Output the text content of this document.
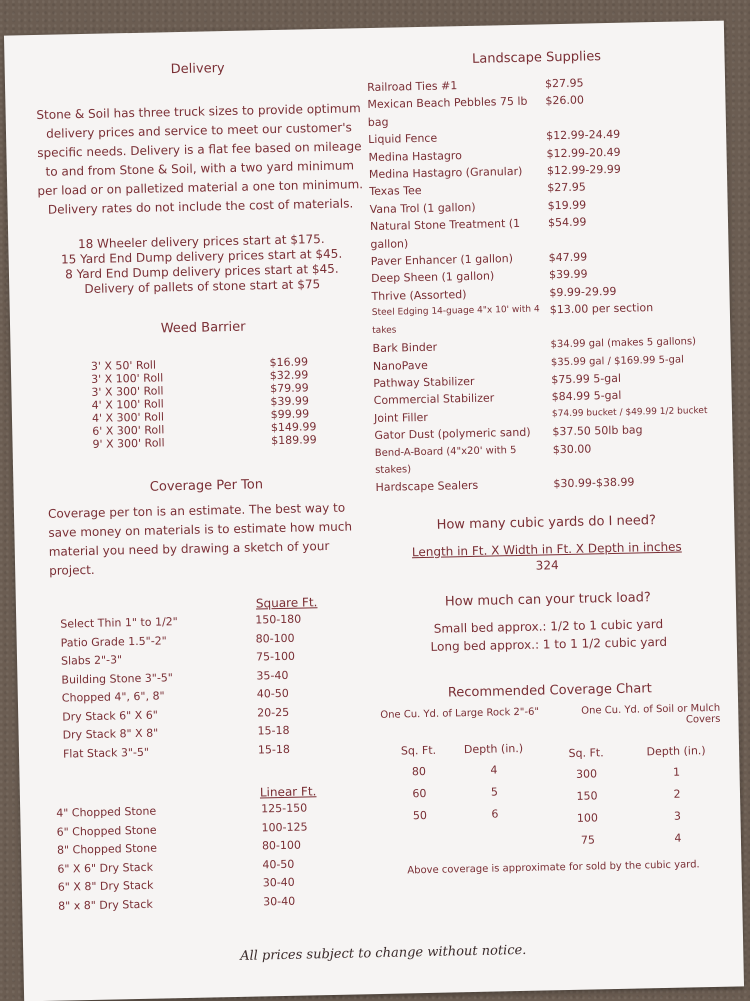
Delivery

Stone & Soil has three truck sizes to provide optimum delivery prices and service to meet our customer's specific needs. Delivery is a flat fee based on mileage to and from Stone & Soil, with a two yard minimum per load or on palletized material a one ton minimum. Delivery rates do not include the cost of materials.

18 Wheeler delivery prices start at $175.
15 Yard End Dump delivery prices start at $45.
8 Yard End Dump delivery prices start at $45.
Delivery of pallets of stone start at $75
Weed Barrier
3' X 50' Roll	$16.99
3' X 100' Roll	$32.99
3' X 300' Roll	$79.99
4' X 100' Roll	$39.99
4' X 300' Roll	$99.99
6' X 300' Roll	$149.99
9' X 300' Roll	$189.99
Coverage Per Ton

Coverage per ton is an estimate. The best way to save money on materials is to estimate how much material you need by drawing a sketch of your project.

Square Ft.
Select Thin 1" to 1/2"	150-180
Patio Grade 1.5"-2"	80-100
Slabs 2"-3"	75-100
Building Stone 3"-5"	35-40
Chopped 4", 6", 8"	40-50
Dry Stack 6" X 6"	20-25
Dry Stack 8" X 8"	15-18
Flat Stack 3"-5"	15-18
Linear Ft.
4" Chopped Stone	125-150
6" Chopped Stone	100-125
8" Chopped Stone	80-100
6" X 6" Dry Stack	40-50
6" X 8" Dry Stack	30-40
8" x 8" Dry Stack	30-40
Landscape Supplies
Railroad Ties #1	$27.95
Mexican Beach Pebbles 75 lb bag
$26.00
Liquid Fence	$12.99-24.49
Medina Hastagro	$12.99-20.49
Medina Hastagro (Granular)	$12.99-29.99
Texas Tee	$27.95
Vana Trol (1 gallon)	$19.99
Natural Stone Treatment (1 gallon)
$54.99
Paver Enhancer (1 gallon)	$47.99
Deep Sheen (1 gallon)	$39.99
Thrive (Assorted)	$9.99-29.99
Steel Edging 14-guage 4"x 10' with 4 takes
$13.00 per section
Bark Binder	$34.99 gal (makes 5 gallons)
NanoPave	$35.99 gal / $169.99 5-gal
Pathway Stabilizer	$75.99 5-gal
Commercial Stabilizer	$84.99 5-gal
Joint Filler	$74.99 bucket / $49.99 1/2 bucket
Gator Dust (polymeric sand)	$37.50 50lb bag
Bend-A-Board (4"x20' with 5 stakes)
$30.00
Hardscape Sealers	$30.99-$38.99
How many cubic yards do I need?
Length in Ft. X Width in Ft. X Depth in inches
324
How much can your truck load?
Small bed approx.: 1/2 to 1 cubic yard
Long bed approx.: 1 to 1 1/2 cubic yard
Recommended Coverage Chart
One Cu. Yd. of Large Rock 2"-6"	One Cu. Yd. of Soil or Mulch Covers
Sq. Ft.	Depth (in.)
80	4
60	5
50	6
Sq. Ft.	Depth (in.)
300	1
150	2
100	3
75	4
Above coverage is approximate for sold by the cubic yard.
All prices subject to change without notice.
